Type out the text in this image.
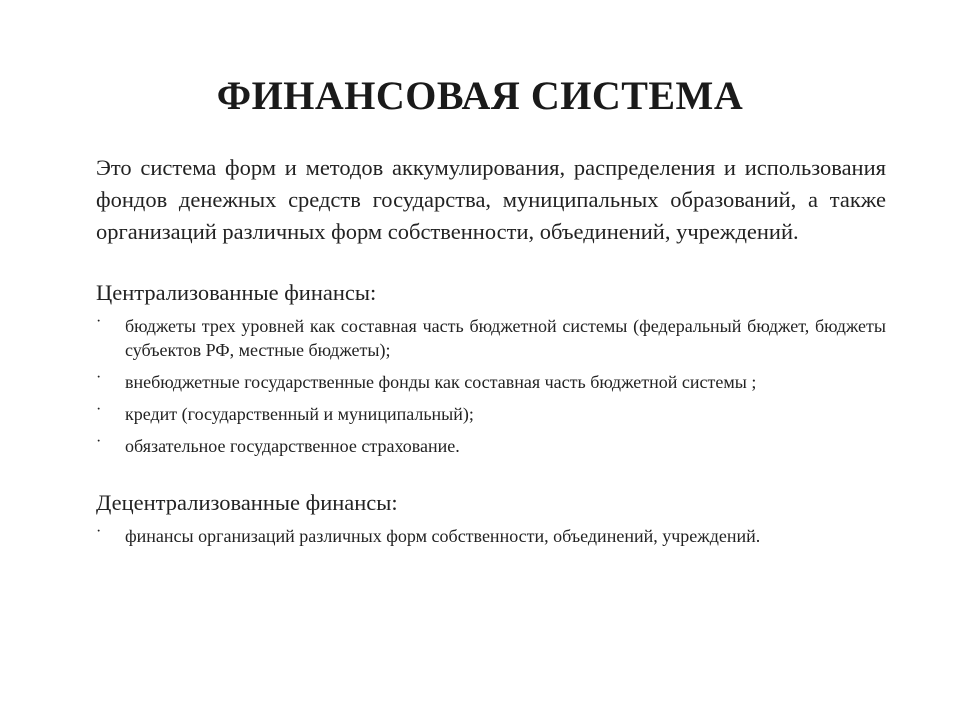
ФИНАНСОВАЯ СИСТЕМА

Это система форм и методов аккумулирования, распределения и использования фондов денежных средств государства, муниципальных образований, а также организаций различных форм собственности, объединений, учреждений.

Централизованные финансы:

· бюджеты трех уровней как составная часть бюджетной системы (федеральный бюджет, бюджеты субъектов РФ, местные бюджеты);
· внебюджетные государственные фонды как составная часть бюджетной системы ;
· кредит (государственный и муниципальный);
· обязательное государственное страхование.

Децентрализованные финансы:

· финансы организаций различных форм собственности, объединений, учреждений.
